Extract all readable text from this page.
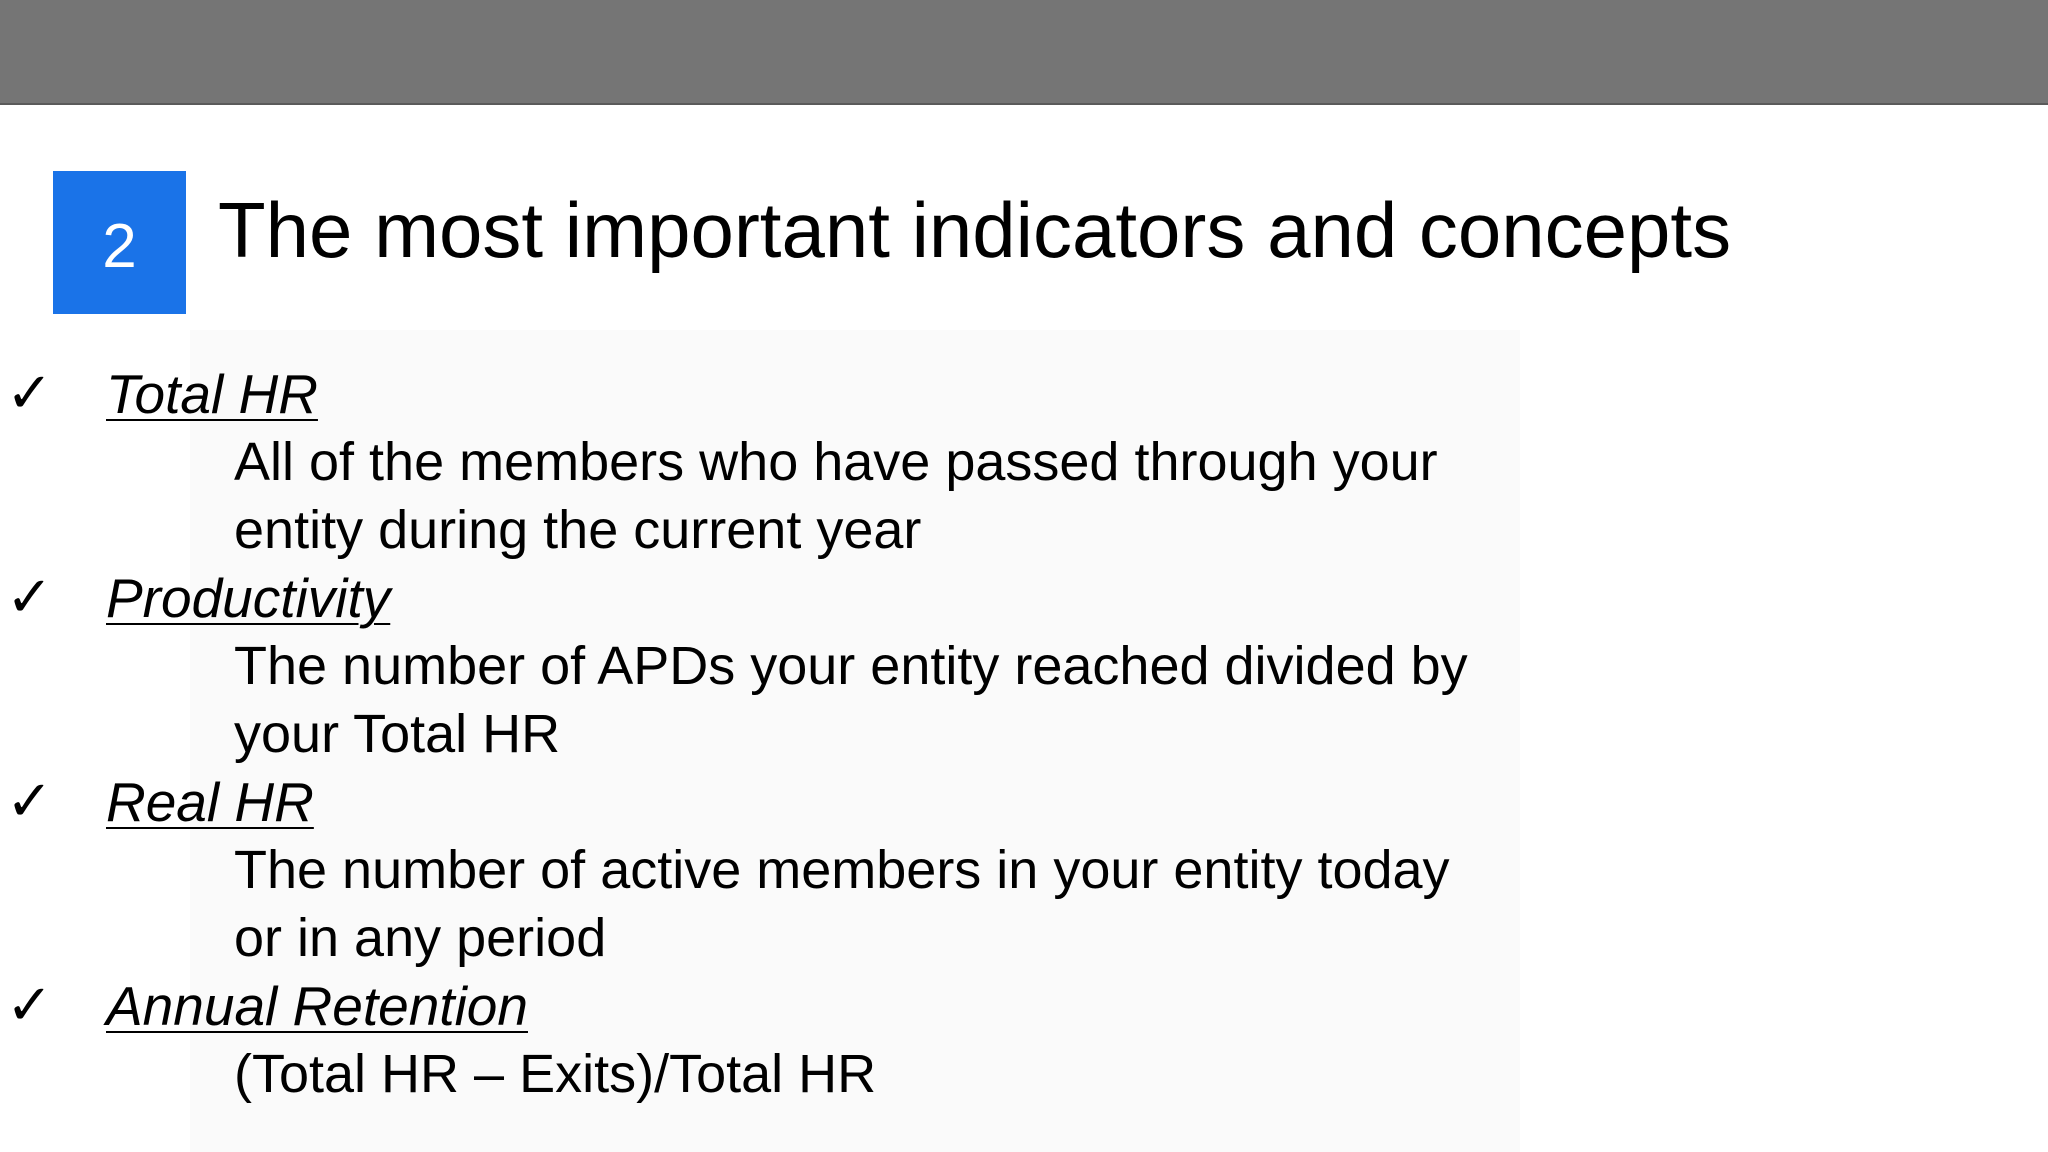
2	The most important indicators and concepts
✓ Total HR
All of the members who have passed through your
entity during the current year
✓ Productivity
The number of APDs your entity reached divided by
your Total HR
✓ Real HR
The number of active members in your entity today
or in any period
✓ Annual Retention
(Total HR – Exits)/Total HR
